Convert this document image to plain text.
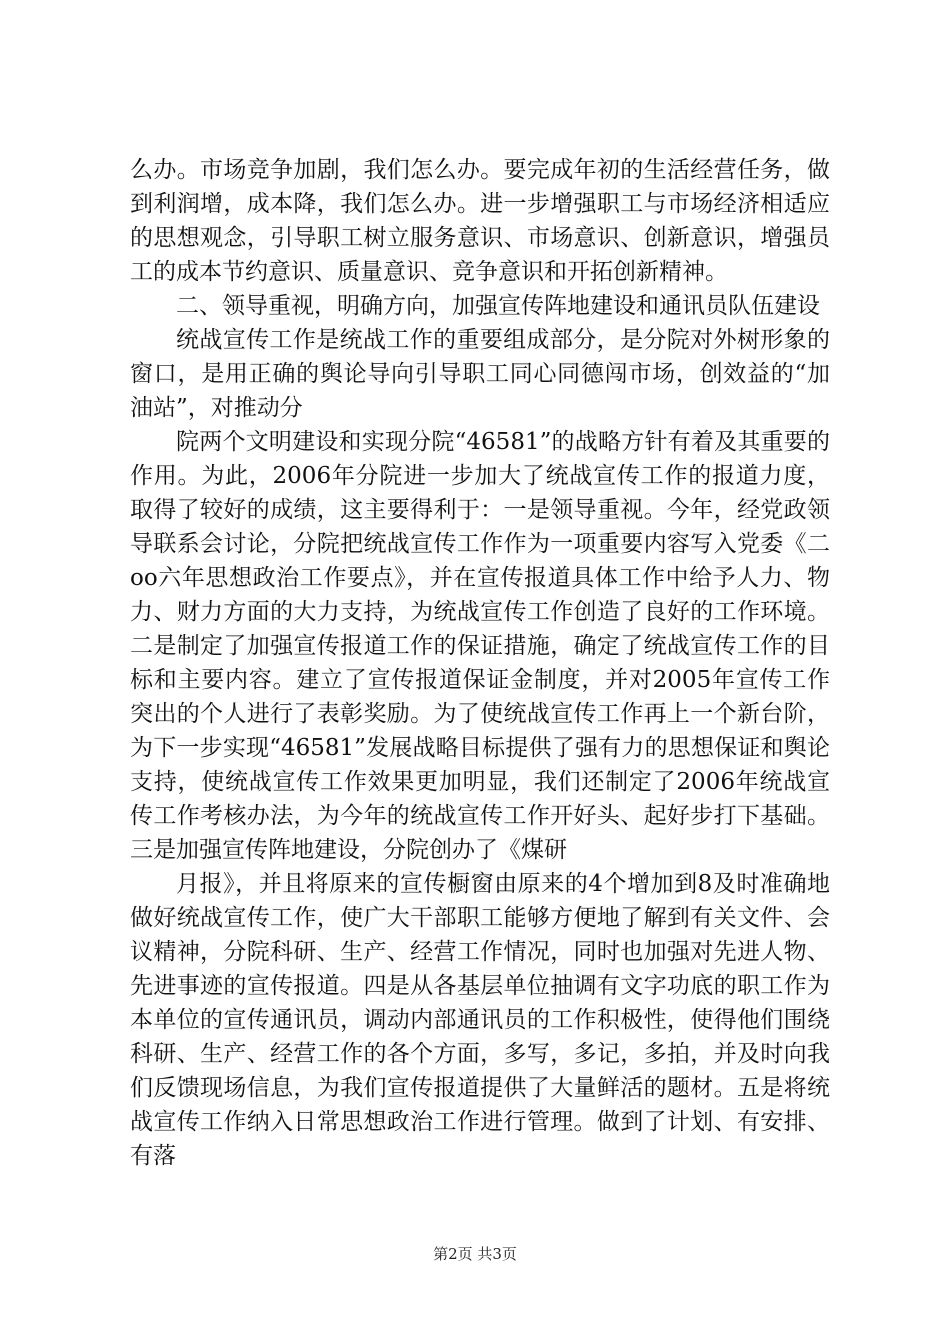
么办。市场竞争加剧，我们怎么办。要完成年初的生活经营任务，做到利润增，成本降，我们怎么办。进一步增强职工与市场经济相适应的思想观念，引导职工树立服务意识、市场意识、创新意识，增强员工的成本节约意识、质量意识、竞争意识和开拓创新精神。

二、领导重视，明确方向，加强宣传阵地建设和通讯员队伍建设

统战宣传工作是统战工作的重要组成部分，是分院对外树形象的窗口，是用正确的舆论导向引导职工同心同德闯市场，创效益的“加油站”，对推动分

院两个文明建设和实现分院“46581”的战略方针有着及其重要的作用。为此，2006年分院进一步加大了统战宣传工作的报道力度，取得了较好的成绩，这主要得利于：一是领导重视。今年，经党政领导联系会讨论，分院把统战宣传工作作为一项重要内容写入党委《二oo六年思想政治工作要点》，并在宣传报道具体工作中给予人力、物力、财力方面的大力支持，为统战宣传工作创造了良好的工作环境。二是制定了加强宣传报道工作的保证措施，确定了统战宣传工作的目标和主要内容。建立了宣传报道保证金制度，并对2005年宣传工作突出的个人进行了表彰奖励。为了使统战宣传工作再上一个新台阶，为下一步实现“46581”发展战略目标提供了强有力的思想保证和舆论支持，使统战宣传工作效果更加明显，我们还制定了2006年统战宣传工作考核办法，为今年的统战宣传工作开好头、起好步打下基础。三是加强宣传阵地建设，分院创办了《煤研

月报》，并且将原来的宣传橱窗由原来的4个增加到8及时准确地做好统战宣传工作，使广大干部职工能够方便地了解到有关文件、会议精神，分院科研、生产、经营工作情况，同时也加强对先进人物、先进事迹的宣传报道。四是从各基层单位抽调有文字功底的职工作为本单位的宣传通讯员，调动内部通讯员的工作积极性，使得他们围绕科研、生产、经营工作的各个方面，多写，多记，多拍，并及时向我们反馈现场信息，为我们宣传报道提供了大量鲜活的题材。五是将统战宣传工作纳入日常思想政治工作进行管理。做到了计划、有安排、有落

第2页 共3页
